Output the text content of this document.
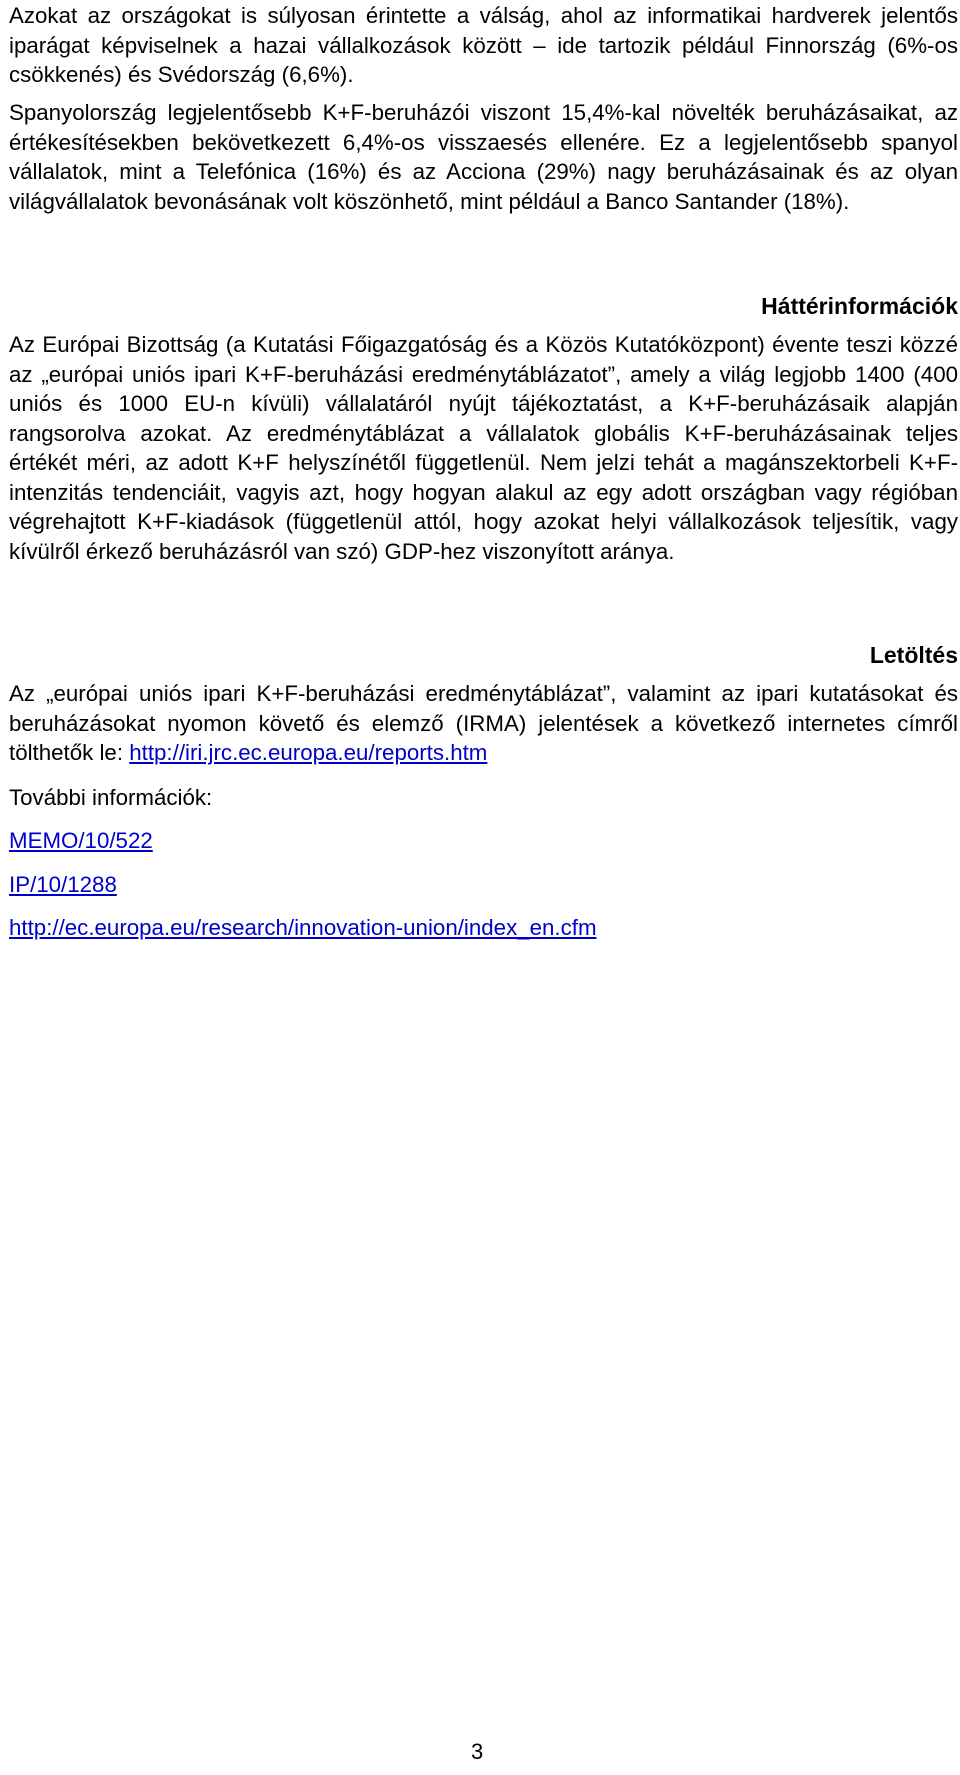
Azokat az országokat is súlyosan érintette a válság, ahol az informatikai hardverek jelentős iparágat képviselnek a hazai vállalkozások között – ide tartozik például Finnország (6%-os csökkenés) és Svédország (6,6%).

Spanyolország legjelentősebb K+F-beruházói viszont 15,4%-kal növelték beruházásaikat, az értékesítésekben bekövetkezett 6,4%-os visszaesés ellenére. Ez a legjelentősebb spanyol vállalatok, mint a Telefónica (16%) és az Acciona (29%) nagy beruházásainak és az olyan világvállalatok bevonásának volt köszönhető, mint például a Banco Santander (18%).

Háttérinformációk

Az Európai Bizottság (a Kutatási Főigazgatóság és a Közös Kutatóközpont) évente teszi közzé az „európai uniós ipari K+F-beruházási eredménytáblázatot”, amely a világ legjobb 1400 (400 uniós és 1000 EU-n kívüli) vállalatáról nyújt tájékoztatást, a K+F-beruházásaik alapján rangsorolva azokat. Az eredménytáblázat a vállalatok globális K+F-beruházásainak teljes értékét méri, az adott K+F helyszínétől függetlenül. Nem jelzi tehát a magánszektorbeli K+F-intenzitás tendenciáit, vagyis azt, hogy hogyan alakul az egy adott országban vagy régióban végrehajtott K+F-kiadások (függetlenül attól, hogy azokat helyi vállalkozások teljesítik, vagy kívülről érkező beruházásról van szó) GDP-hez viszonyított aránya.

Letöltés

Az „európai uniós ipari K+F-beruházási eredménytáblázat”, valamint az ipari kutatásokat és beruházásokat nyomon követő és elemző (IRMA) jelentések a következő internetes címről tölthetők le: http://iri.jrc.ec.europa.eu/reports.htm

További információk:

MEMO/10/522

IP/10/1288

http://ec.europa.eu/research/innovation-union/index_en.cfm

3
